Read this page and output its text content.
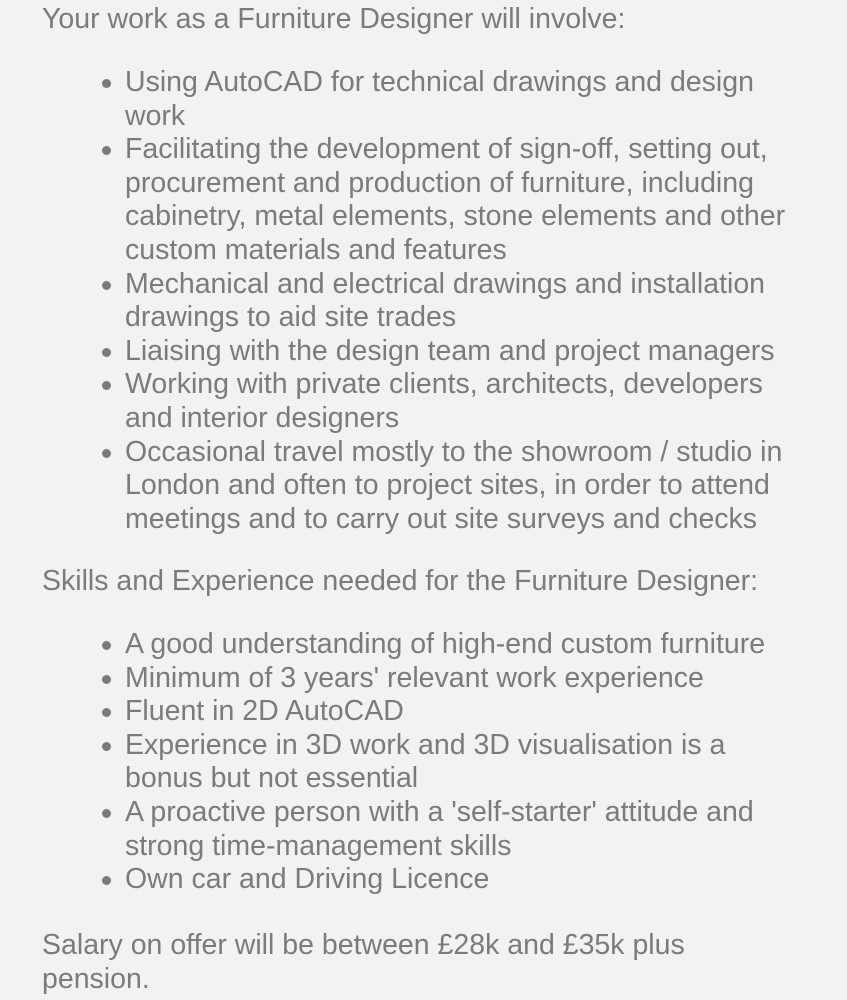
Your work as a Furniture Designer will involve:

Using AutoCAD for technical drawings and design work
Facilitating the development of sign-off, setting out, procurement and production of furniture, including cabinetry, metal elements, stone elements and other custom materials and features
Mechanical and electrical drawings and installation drawings to aid site trades
Liaising with the design team and project managers
Working with private clients, architects, developers and interior designers
Occasional travel mostly to the showroom / studio in London and often to project sites, in order to attend meetings and to carry out site surveys and checks

Skills and Experience needed for the Furniture Designer:

A good understanding of high-end custom furniture
Minimum of 3 years' relevant work experience
Fluent in 2D AutoCAD
Experience in 3D work and 3D visualisation is a bonus but not essential
A proactive person with a 'self-starter' attitude and strong time-management skills
Own car and Driving Licence

Salary on offer will be between £28k and £35k plus pension.
